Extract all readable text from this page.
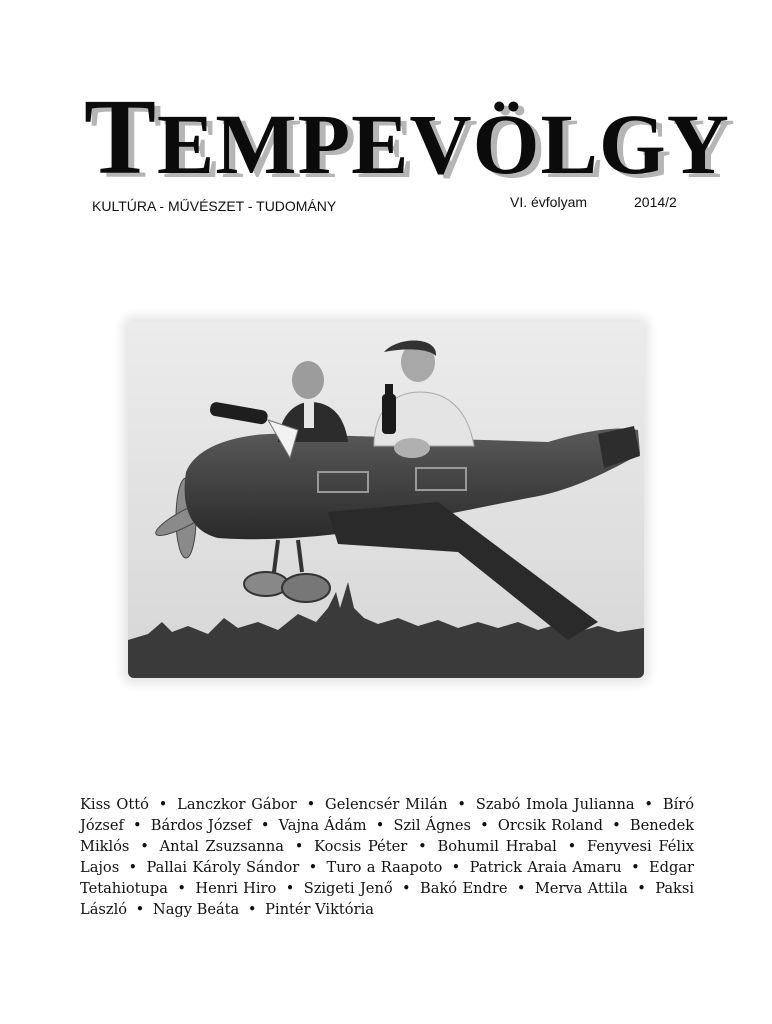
TEMPEVÖLGY
KULTÚRA - MŰVÉSZET - TUDOMÁNY	VI. évfolyam	2014/2
Kiss Ottó • Lanczkor Gábor • Gelencsér Milán • Szabó Imola Julianna • Bíró József • Bárdos József • Vajna Ádám • Szil Ágnes • Orcsik Roland • Benedek Miklós • Antal Zsuzsanna • Kocsis Péter • Bohumil Hrabal • Fenyvesi Félix Lajos • Pallai Károly Sándor • Turo a Raapoto • Patrick Araia Amaru • Edgar Tetahiotupa • Henri Hiro • Szigeti Jenő • Bakó Endre • Merva Attila • Paksi László • Nagy Beáta • Pintér Viktória
